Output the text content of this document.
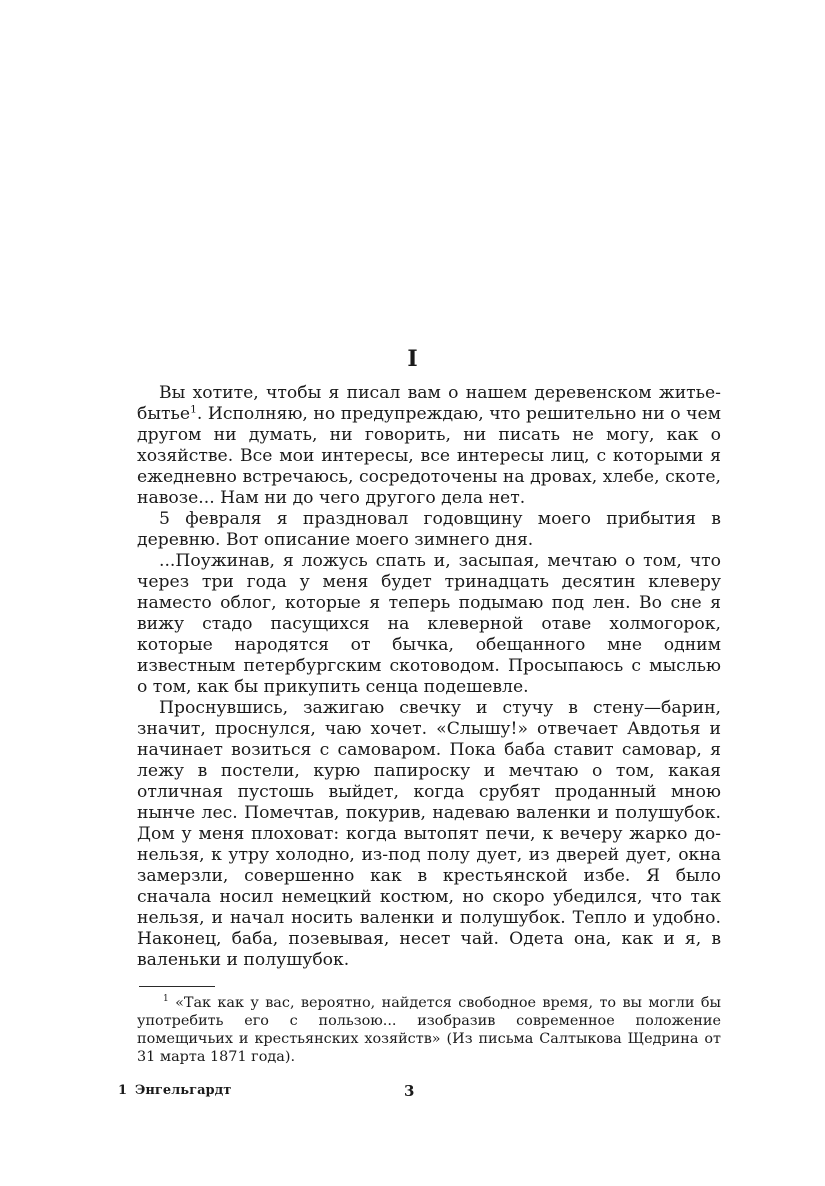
I

Вы хотите, чтобы я писал вам о нашем деревенском житье-бытье$^1$. Исполняю, но предупреждаю, что решительно ни о чем другом ни думать, ни говорить, ни писать не могу, как о хозяйстве. Все мои интересы, все интересы лиц, с которыми я ежедневно встречаюсь, сосредоточены на дровах, хлебе, скоте, навозе... Нам ни до чего другого дела нет.

5 февраля я праздновал годовщину моего прибытия в деревню. Вот описание моего зимнего дня.

...Поужинав, я ложусь спать и, засыпая, мечтаю о том, что через три года у меня будет тринадцать десятин клеверу наместо облог, которые я теперь подымаю под лен. Во сне я вижу стадо пасущихся на клеверной отаве холмогорок, которые народятся от бычка, обещанного мне одним известным петербургским скотоводом. Просыпаюсь с мыслью о том, как бы прикупить сенца подешевле.

Проснувшись, зажигаю свечку и стучу в стену—барин, значит, проснулся, чаю хочет. «Слышу!» отвечает Авдотья и начинает возиться с самоваром. Пока баба ставит самовар, я лежу в постели, курю папироску и мечтаю о том, какая отличная пустошь выйдет, когда срубят проданный мною нынче лес. Помечтав, покурив, надеваю валенки и полушубок. Дом у меня плоховат: когда вытопят печи, к вечеру жарко до-нельзя, к утру холодно, из-под полу дует, из дверей дует, окна замерзли, совершенно как в крестьянской избе. Я было сначала носил немецкий костюм, но скоро убедился, что так нельзя, и начал носить валенки и полушубок. Тепло и удобно. Наконец, баба, позевывая, несет чай. Одета она, как и я, в валеньки и полушубок.

$^1$ «Так как у вас, вероятно, найдется свободное время, то вы могли бы употребить его с пользою... изобразив современное положение помещичьих и крестьянских хозяйств» (Из письма Салтыкова Щедрина от 31 марта 1871 года).
1 Энгельгардт	3
